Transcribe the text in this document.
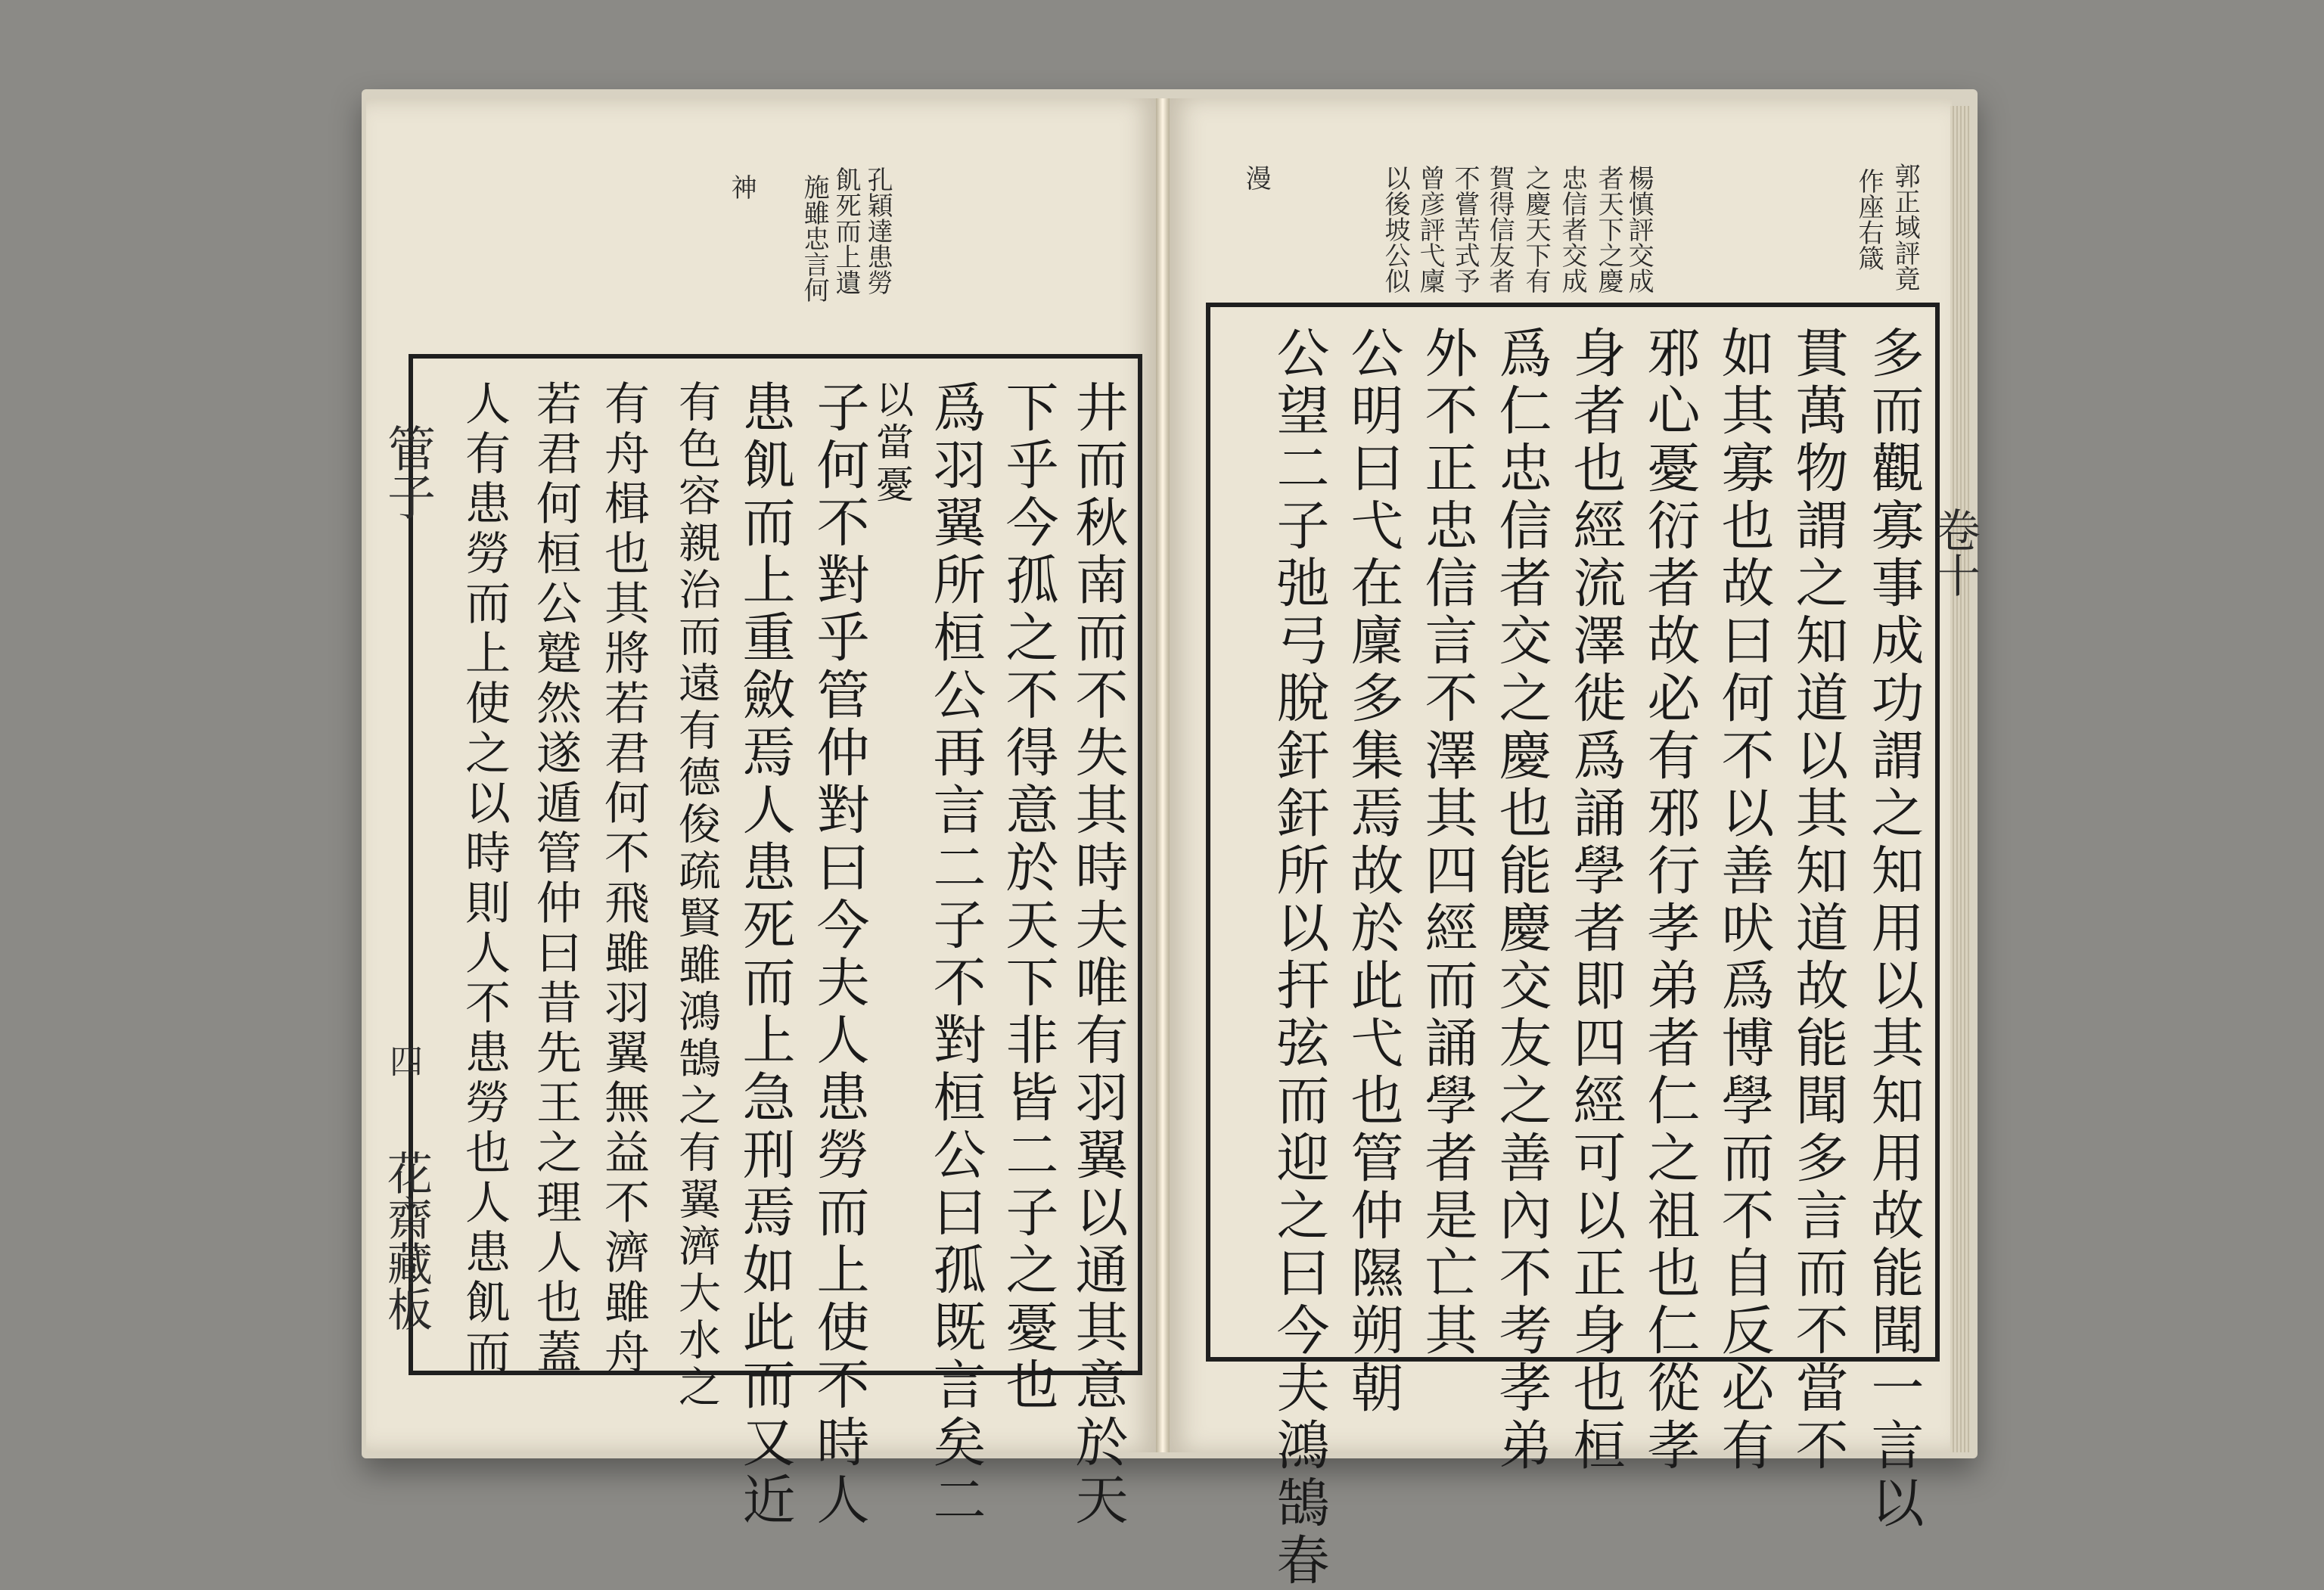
孔穎達患勞
飢死而上遺
施雖忠言何
神
井而秋南而不失其時夫唯有羽翼以通其意於天
下乎今孤之不得意於天下非皆二子之憂也
爲羽翼所桓公再言二子不對桓公曰孤既言矣二
以當憂
子何不對乎管仲對曰今夫人患勞而上使不時人
患飢而上重斂焉人患死而上急刑焉如此而又近
有色容親治而遠有德俊疏賢雖鴻鵠之有翼濟大水之
有舟楫也其將若君何不飛雖羽翼無益不濟雖舟
若君何桓公蹵然遂遁管仲曰昔先王之理人也蓋
人有患勞而上使之以時則人不患勞也人患飢而
四
花齋藏板
郭正域評竟
作座右箴
楊慎評交成
者天下之慶
忠信者交成
之慶天下有
賀得信友者
不嘗苦式予
曾彦評弋廩
以後坡公似
漫
多而觀寡事成功謂之知用以其知用故能聞一言以
貫萬物謂之知道以其知道故能聞多言而不當不
如其寡也故曰何不以善吠爲博學而不自反必有
邪心憂衍者故必有邪行孝弟者仁之祖也仁從孝
身者也經流澤徙爲誦學者即四經可以正身也桓
爲仁忠信者交之慶也能慶交友之善內不考孝弟
外不正忠信言不澤其四經而誦學者是亡其
公明曰弋在廩多集焉故於此弋也管仲隰朔朝
公望二子弛弓脫釬釬所以扞弦而迎之曰今夫鴻鵠春	卷十
管子
